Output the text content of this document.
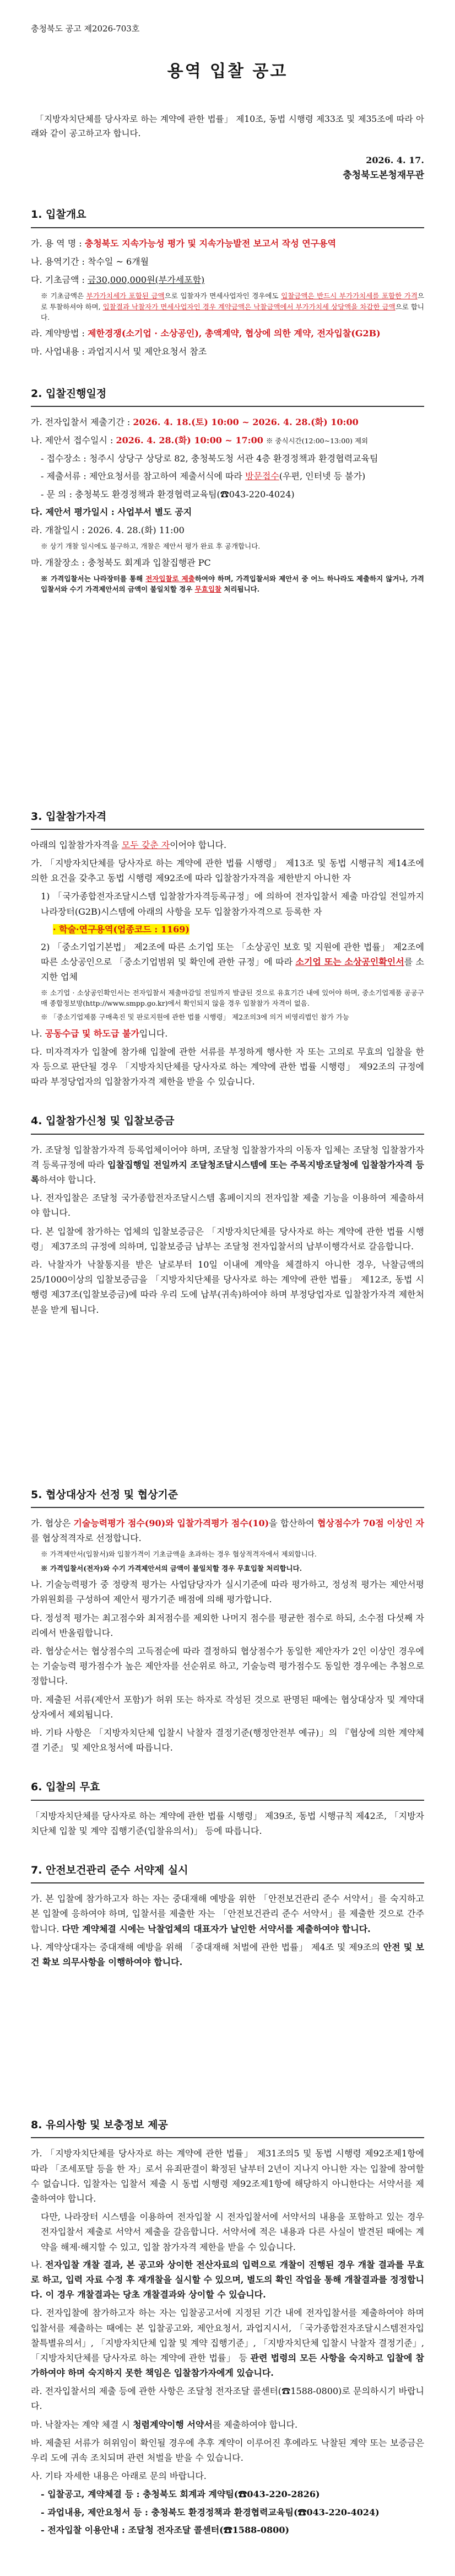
충청북도 공고 제2026-703호
용역 입찰 공고

「지방자치단체를 당사자로 하는 계약에 관한 법률」 제10조, 동법 시행령 제33조 및 제35조에 따라 아래와 같이 공고하고자 합니다.

2026. 4. 17.

충청북도본청재무관

1. 입찰개요

가. 용 역 명 : 충청북도 지속가능성 평가 및 지속가능발전 보고서 작성 연구용역

나. 용역기간 : 착수일 ~ 6개월

다. 기초금액 : 금30,000,000원(부가세포함)

※ 기초금액은 부가가치세가 포함된 금액으로 입찰자가 면세사업자인 경우에도 입찰금액은 반드시 부가가치세를 포함한 가격으로 투찰하셔야 하며, 입찰결과 낙찰자가 면세사업자인 경우 계약금액은 낙찰금액에서 부가가치세 상당액을 차감한 금액으로 합니다.

라. 계약방법 : 제한경쟁(소기업 · 소상공인), 총액계약, 협상에 의한 계약, 전자입찰(G2B)

마. 사업내용 : 과업지시서 및 제안요청서 참조

2. 입찰진행일정

가. 전자입찰서 제출기간 : 2026. 4. 18.(토) 10:00 ~ 2026. 4. 28.(화) 10:00

나. 제안서 접수일시 : 2026. 4. 28.(화) 10:00 ~ 17:00 ※ 중식시간(12:00~13:00) 제외

- 접수장소 : 청주시 상당구 상당로 82, 충청북도청 서관 4층 환경정책과 환경협력교육팀

- 제출서류 : 제안요청서를 참고하여 제출서식에 따라 방문접수(우편, 인터넷 등 불가)

- 문 의 : 충청북도 환경정책과 환경협력교육팀(☎043-220-4024)

다. 제안서 평가일시 : 사업부서 별도 공지

라. 개찰일시 : 2026. 4. 28.(화) 11:00

※ 상기 개찰 일시에도 불구하고, 개찰은 제안서 평가 완료 후 공개합니다.

마. 개찰장소 : 충청북도 회계과 입찰집행관 PC

※ 가격입찰서는 나라장터를 통해 전자입찰로 제출하여야 하며, 가격입찰서와 제안서 중 어느 하나라도 제출하지 않거나, 가격입찰서와 수기 가격제안서의 금액이 불일치할 경우 무효입찰 처리됩니다.

3. 입찰참가자격

아래의 입찰참가자격을 모두 갖춘 자이어야 합니다.

가. 「지방자치단체를 당사자로 하는 계약에 관한 법률 시행령」 제13조 및 동법 시행규칙 제14조에 의한 요건을 갖추고 동법 시행령 제92조에 따라 입찰참가자격을 제한받지 아니한 자

1) 「국가종합전자조달시스템 입찰참가자격등록규정」에 의하여 전자입찰서 제출 마감일 전일까지 나라장터(G2B)시스템에 아래의 사항을 모두 입찰참가자격으로 등록한 자

· 학술·연구용역(업종코드 : 1169)

2) 「중소기업기본법」 제2조에 따른 소기업 또는 「소상공인 보호 및 지원에 관한 법률」 제2조에 따른 소상공인으로 「중소기업범위 및 확인에 관한 규정」에 따라 소기업 또는 소상공인확인서를 소지한 업체

※ 소기업 · 소상공인확인서는 전자입찰서 제출마감일 전일까지 발급된 것으로 유효기간 내에 있어야 하며, 중소기업제품 공공구매 종합정보망(http://www.smpp.go.kr)에서 확인되지 않을 경우 입찰참가 자격이 없음.

※ 「중소기업제품 구매촉진 및 판로지원에 관한 법률 시행령」 제2조의3에 의거 비영리법인 참가 가능

나. 공동수급 및 하도급 불가입니다.

다. 미자격자가 입찰에 참가해 입찰에 관한 서류를 부정하게 행사한 자 또는 고의로 무효의 입찰을 한 자 등으로 판단될 경우 「지방자치단체를 당사자로 하는 계약에 관한 법률 시행령」 제92조의 규정에 따라 부정당업자의 입찰참가자격 제한을 받을 수 있습니다.

4. 입찰참가신청 및 입찰보증금

가. 조달청 입찰참가자격 등록업체이어야 하며, 조달청 입찰참가자의 이동자 입체는 조달청 입찰참가자격 등록규정에 따라 입찰집행일 전일까지 조달청조달시스템에 또는 주목지방조달청에 입찰참가자격 등록하셔야 합니다.

나. 전자입찰은 조달청 국가종합전자조달시스템 홈페이지의 전자입찰 제출 기능을 이용하여 제출하셔야 합니다.

다. 본 입찰에 참가하는 업체의 입찰보증금은 「지방자치단체를 당사자로 하는 계약에 관한 법률 시행령」 제37조의 규정에 의하며, 입찰보증금 납부는 조달청 전자입찰서의 납부이행각서로 갈음합니다.

라. 낙찰자가 낙찰통지를 받은 날로부터 10일 이내에 계약을 체결하지 아니한 경우, 낙찰금액의 25/1000이상의 입찰보증금을 「지방자치단체를 당사자로 하는 계약에 관한 법률」 제12조, 동법 시행령 제37조(입찰보증금)에 따라 우리 도에 납부(귀속)하여야 하며 부정당업자로 입찰참가자격 제한처분을 받게 됩니다.

5. 협상대상자 선정 및 협상기준

가. 협상은 기술능력평가 점수(90)와 입찰가격평가 점수(10)을 합산하여 협상점수가 70점 이상인 자를 협상적격자로 선정합니다.

※ 가격제안서(입찰서)와 입찰가격이 기초금액을 초과하는 경우 협상적격자에서 제외합니다.

※ 가격입찰서(전자)와 수기 가격제안서의 금액이 불일치할 경우 무효입찰 처리합니다.

나. 기술능력평가 중 정량적 평가는 사업담당자가 실시기준에 따라 평가하고, 정성적 평가는 제안서평가위원회를 구성하여 제안서 평가기준 배점에 의해 평가합니다.

다. 정성적 평가는 최고점수와 최저점수를 제외한 나머지 점수를 평균한 점수로 하되, 소수점 다섯째 자리에서 반올림합니다.

라. 협상순서는 협상점수의 고득점순에 따라 결정하되 협상점수가 동일한 제안자가 2인 이상인 경우에는 기술능력 평가점수가 높은 제안자를 선순위로 하고, 기술능력 평가점수도 동일한 경우에는 추첨으로 정합니다.

마. 제출된 서류(제안서 포함)가 허위 또는 하자로 작성된 것으로 판명된 때에는 협상대상자 및 계약대상자에서 제외됩니다.

바. 기타 사항은 「지방자치단체 입찰시 낙찰자 결정기준(행정안전부 예규)」의 『협상에 의한 계약체결 기준』 및 제안요청서에 따릅니다.

6. 입찰의 무효

「지방자치단체를 당사자로 하는 계약에 관한 법률 시행령」 제39조, 동법 시행규칙 제42조, 「지방자치단체 입찰 및 계약 집행기준(입찰유의서)」 등에 따릅니다.

7. 안전보건관리 준수 서약제 실시

가. 본 입찰에 참가하고자 하는 자는 중대재해 예방을 위한 「안전보건관리 준수 서약서」를 숙지하고 본 입찰에 응하여야 하며, 입찰서를 제출한 자는 「안전보건관리 준수 서약서」를 제출한 것으로 간주합니다. 다만 계약체결 시에는 낙찰업체의 대표자가 날인한 서약서를 제출하여야 합니다.

나. 계약상대자는 중대재해 예방을 위해 「중대재해 처벌에 관한 법률」 제4조 및 제9조의 안전 및 보건 확보 의무사항을 이행하여야 합니다.

8. 유의사항 및 보충정보 제공

가. 「지방자치단체를 당사자로 하는 계약에 관한 법률」 제31조의5 및 동법 시행령 제92조제1항에 따라 「조세포탈 등을 한 자」로서 유죄판결이 확정된 날부터 2년이 지나지 아니한 자는 입찰에 참여할 수 없습니다. 입찰자는 입찰서 제출 시 동법 시행령 제92조제1항에 해당하지 아니한다는 서약서를 제출하여야 합니다.

다만, 나라장터 시스템을 이용하여 전자입찰 시 전자입찰서에 서약서의 내용을 포함하고 있는 경우 전자입찰서 제출로 서약서 제출을 갈음합니다. 서약서에 적은 내용과 다른 사실이 발견된 때에는 계약을 해제·해지할 수 있고, 입찰 참가자격 제한을 받을 수 있습니다.

나. 전자입찰 개찰 결과, 본 공고와 상이한 전산자료의 입력으로 개찰이 진행된 경우 개찰 결과를 무효로 하고, 입력 자료 수정 후 재개찰을 실시할 수 있으며, 별도의 확인 작업을 통해 개찰결과를 정정합니다. 이 경우 개찰결과는 당초 개찰결과와 상이할 수 있습니다.

다. 전자입찰에 참가하고자 하는 자는 입찰공고서에 지정된 기간 내에 전자입찰서를 제출하여야 하며 입찰서를 제출하는 때에는 본 입찰공고와, 제안요청서, 과업지시서, 「국가종합전자조달시스템전자입찰특별유의서」, 「지방자치단체 입찰 및 계약 집행기준」, 「지방자치단체 입찰시 낙찰자 결정기준」, 「지방자치단체를 당사자로 하는 계약에 관한 법률」 등 관련 법령의 모든 사항을 숙지하고 입찰에 참가하여야 하며 숙지하지 못한 책임은 입찰참가자에게 있습니다.

라. 전자입찰서의 제출 등에 관한 사항은 조달청 전자조달 콜센터(☎1588-0800)로 문의하시기 바랍니다.

마. 낙찰자는 계약 체결 시 청렴계약이행 서약서를 제출하여야 합니다.

바. 제출된 서류가 허위임이 확인될 경우에 추후 계약이 이루어진 후에라도 낙찰된 계약 또는 보증금은 우리 도에 귀속 조치되며 관련 처벌을 받을 수 있습니다.

사. 기타 자세한 내용은 아래로 문의 바랍니다.

- 입찰공고, 계약체결 등 : 충청북도 회계과 계약팀(☎043-220-2826)

- 과업내용, 제안요청서 등 : 충청북도 환경정책과 환경협력교육팀(☎043-220-4024)

- 전자입찰 이용안내 : 조달청 전자조달 콜센터(☎1588-0800)
